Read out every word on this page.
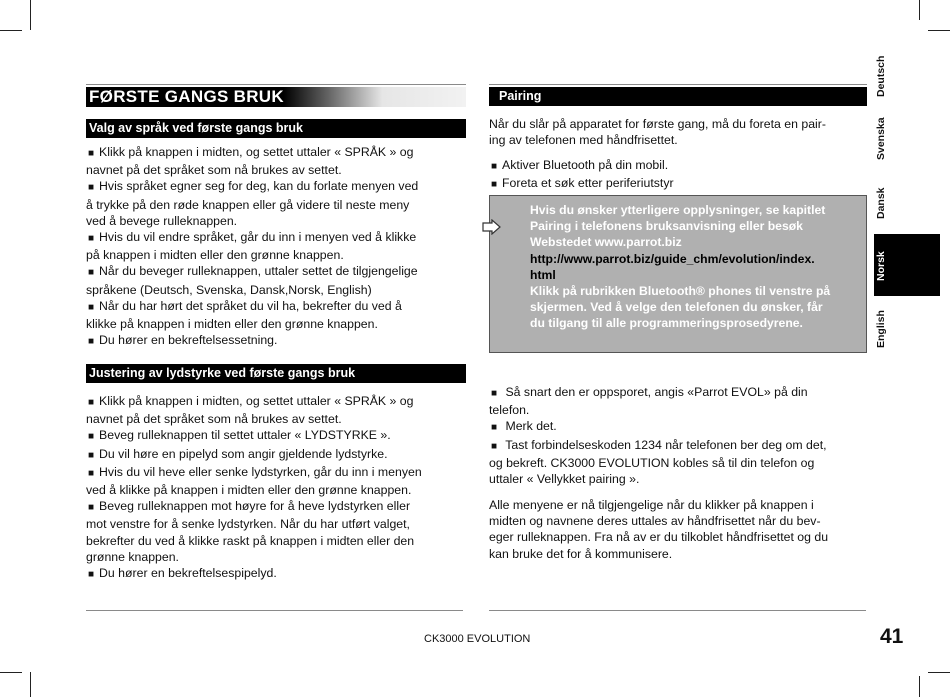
FØRSTE GANGS BRUK
Valg av språk ved første gangs bruk

■ Klikk på knappen i midten, og settet uttaler « SPRÅK » og

navnet på det språket som nå brukes av settet.

■ Hvis språket egner seg for deg, kan du forlate menyen ved

å trykke på den røde knappen eller gå videre til neste meny

ved å bevege rulleknappen.

■ Hvis du vil endre språket, går du inn i menyen ved å klikke

på knappen i midten eller den grønne knappen.

■ Når du beveger rulleknappen, uttaler settet de tilgjengelige

språkene (Deutsch, Svenska, Dansk,Norsk, English)

■ Når du har hørt det språket du vil ha, bekrefter du ved å

klikke på knappen i midten eller den grønne knappen.

■ Du hører en bekreftelsessetning.

Justering av lydstyrke ved første gangs bruk

■ Klikk på knappen i midten, og settet uttaler « SPRÅK » og

navnet på det språket som nå brukes av settet.

■ Beveg rulleknappen til settet uttaler « LYDSTYRKE ».

■ Du vil høre en pipelyd som angir gjeldende lydstyrke.

■ Hvis du vil heve eller senke lydstyrken, går du inn i menyen

ved å klikke på knappen i midten eller den grønne knappen.

■ Beveg rulleknappen mot høyre for å heve lydstyrken eller

mot venstre for å senke lydstyrken. Når du har utført valget,

bekrefter du ved å klikke raskt på knappen i midten eller den

grønne knappen.

■ Du hører en bekreftelsespipelyd.

Pairing

Når du slår på apparatet for første gang, må du foreta en pair-

ing av telefonen med håndfrisettet.

■ Aktiver Bluetooth på din mobil.

■ Foreta et søk etter periferiutstyr

Hvis du ønsker ytterligere opplysninger, se kapitlet
Pairing i telefonens bruksanvisning eller besøk
Webstedet www.parrot.biz
http://www.parrot.biz/guide_chm/evolution/index.
html
Klikk på rubrikken Bluetooth® phones til venstre på
skjermen. Ved å velge den telefonen du ønsker, får
du tilgang til alle programmeringsprosedyrene.

■ Så snart den er oppsporet, angis «Parrot EVOL» på din

telefon.

■ Merk det.

■ Tast forbindelseskoden 1234 når telefonen ber deg om det,

og bekreft. CK3000 EVOLUTION kobles så til din telefon og

uttaler « Vellykket pairing ».

Alle menyene er nå tilgjengelige når du klikker på knappen i

midten og navnene deres uttales av håndfrisettet når du bev-

eger rulleknappen. Fra nå av er du tilkoblet håndfrisettet og du

kan bruke det for å kommunisere.

Deutsch
Svenska
Dansk
Norsk
English
CK3000 EVOLUTION	41
